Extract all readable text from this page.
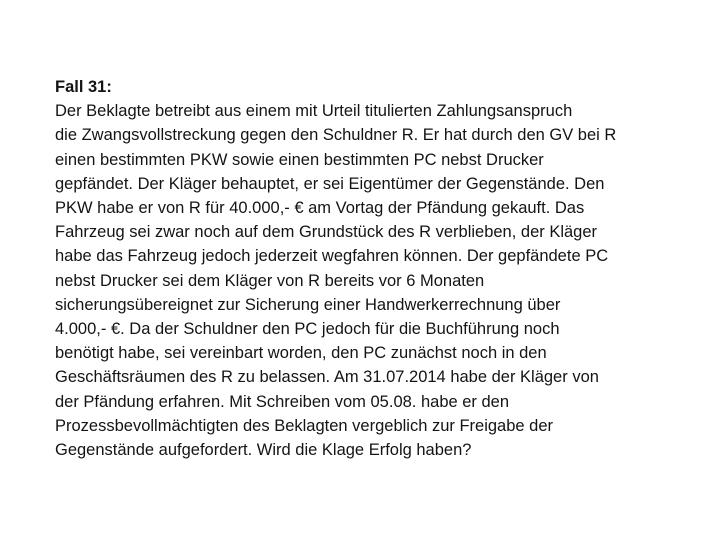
Fall 31:
Der Beklagte betreibt aus einem mit Urteil titulierten Zahlungsanspruch
die Zwangsvollstreckung gegen den Schuldner R. Er hat durch den GV bei R
einen bestimmten PKW sowie einen bestimmten PC nebst Drucker
gepfändet. Der Kläger behauptet, er sei Eigentümer der Gegenstände. Den
PKW habe er von R für 40.000,- € am Vortag der Pfändung gekauft. Das
Fahrzeug sei zwar noch auf dem Grundstück des R verblieben, der Kläger
habe das Fahrzeug jedoch jederzeit wegfahren können. Der gepfändete PC
nebst Drucker sei dem Kläger von R bereits vor 6 Monaten
sicherungsübereignet zur Sicherung einer Handwerkerrechnung über
4.000,- €. Da der Schuldner den PC jedoch für die Buchführung noch
benötigt habe, sei vereinbart worden, den PC zunächst noch in den
Geschäftsräumen des R zu belassen. Am 31.07.2014 habe der Kläger von
der Pfändung erfahren. Mit Schreiben vom 05.08. habe er den
Prozessbevollmächtigten des Beklagten vergeblich zur Freigabe der
Gegenstände aufgefordert. Wird die Klage Erfolg haben?
